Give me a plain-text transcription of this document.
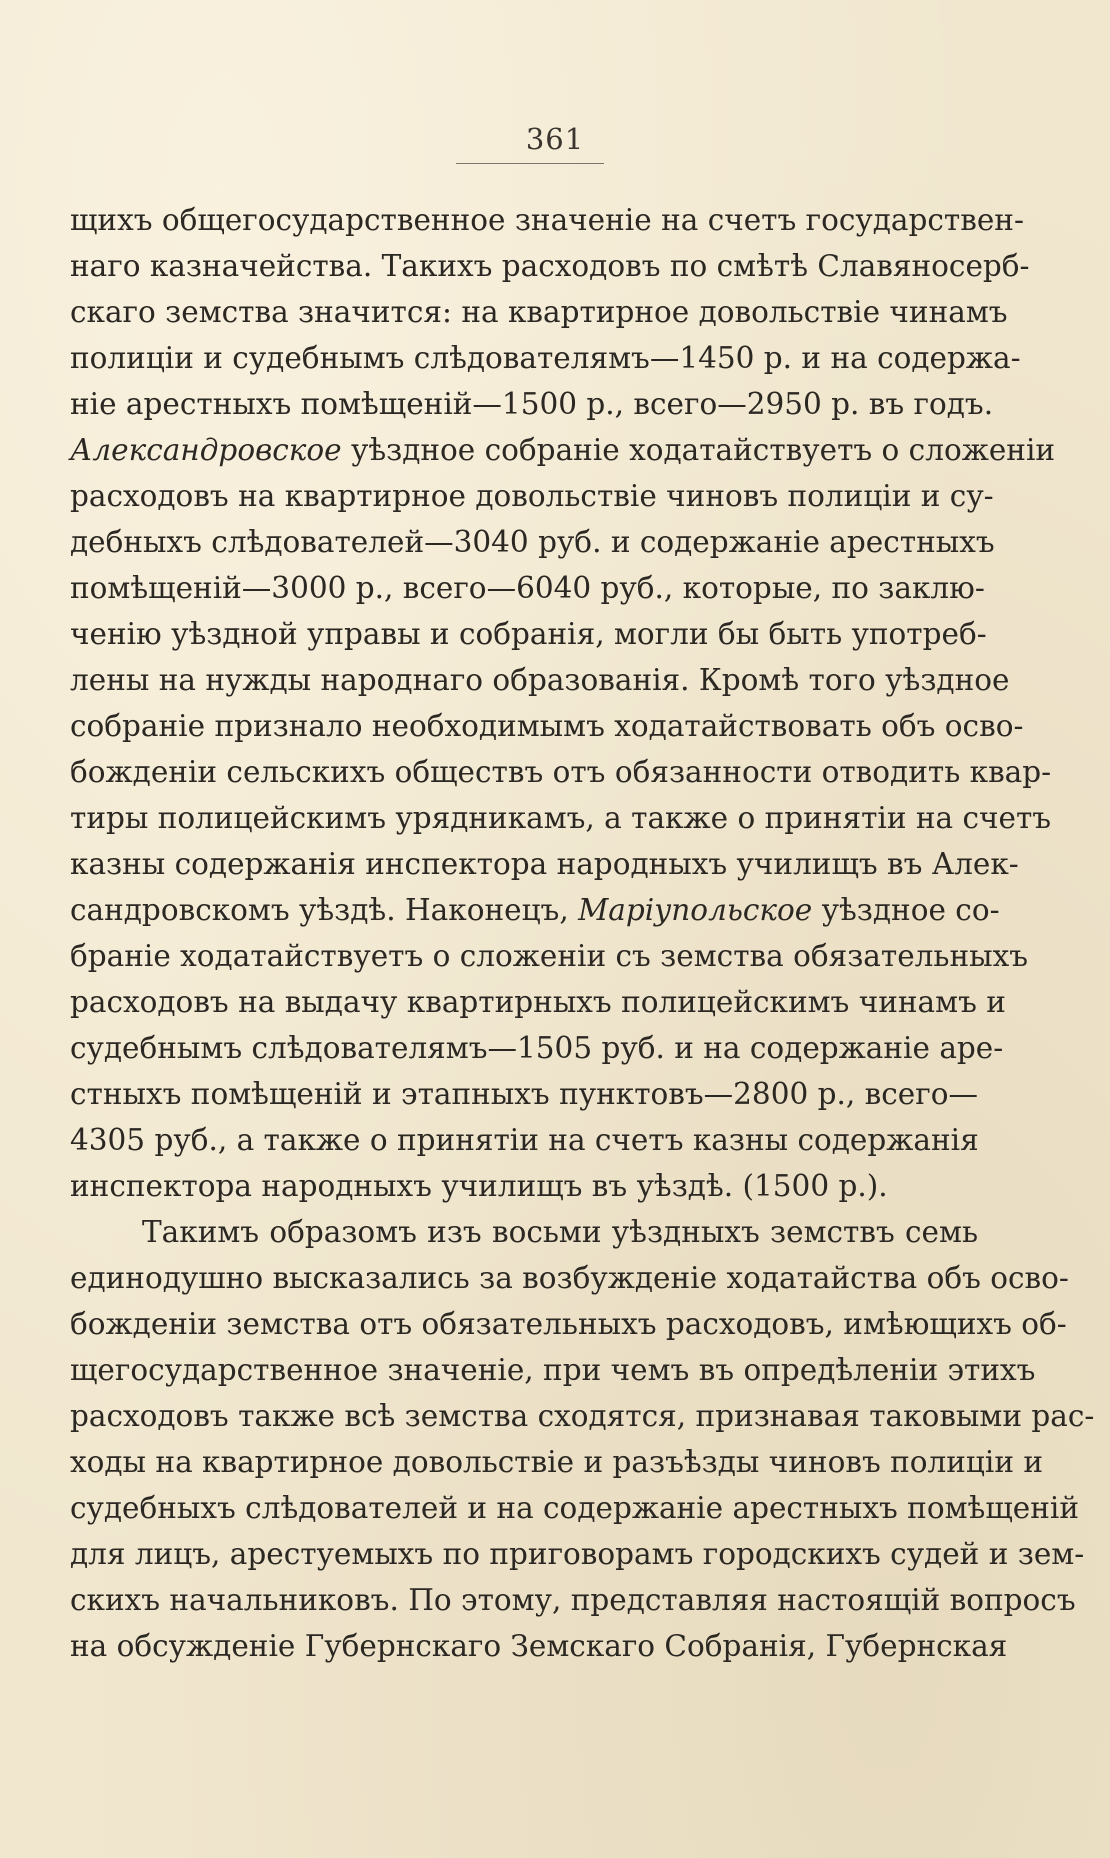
361
щихъ общегосударственное значеніе на счетъ государствен-
наго казначейства. Такихъ расходовъ по смѣтѣ Славяносерб-
скаго земства значится: на квартирное довольствіе чинамъ
полиціи и судебнымъ слѣдователямъ—1450 р. и на содержа-
ніе арестныхъ помѣщеній—1500 р., всего—2950 р. въ годъ.
Александровское уѣздное собраніе ходатайствуетъ о сложеніи
расходовъ на квартирное довольствіе чиновъ полиціи и су-
дебныхъ слѣдователей—3040 руб. и содержаніе арестныхъ
помѣщеній—3000 р., всего—6040 руб., которые, по заклю-
ченію уѣздной управы и собранія, могли бы быть употреб-
лены на нужды народнаго образованія. Кромѣ того уѣздное
собраніе признало необходимымъ ходатайствовать объ осво-
божденіи сельскихъ обществъ отъ обязанности отводить квар-
тиры полицейскимъ урядникамъ, а также о принятіи на счетъ
казны содержанія инспектора народныхъ училищъ въ Алек-
сандровскомъ уѣздѣ. Наконецъ, Маріупольское уѣздное со-
браніе ходатайствуетъ о сложеніи съ земства обязательныхъ
расходовъ на выдачу квартирныхъ полицейскимъ чинамъ и
судебнымъ слѣдователямъ—1505 руб. и на содержаніе аре-
стныхъ помѣщеній и этапныхъ пунктовъ—2800 р., всего—
4305 руб., а также о принятіи на счетъ казны содержанія
инспектора народныхъ училищъ въ уѣздѣ. (1500 р.).
Такимъ образомъ изъ восьми уѣздныхъ земствъ семь
единодушно высказались за возбужденіе ходатайства объ осво-
божденіи земства отъ обязательныхъ расходовъ, имѣющихъ об-
щегосударственное значеніе, при чемъ въ опредѣленіи этихъ
расходовъ также всѣ земства сходятся, признавая таковыми рас-
ходы на квартирное довольствіе и разъѣзды чиновъ полиціи и
судебныхъ слѣдователей и на содержаніе арестныхъ помѣщеній
для лицъ, арестуемыхъ по приговорамъ городскихъ судей и зем-
скихъ начальниковъ. По этому, представляя настоящій вопросъ
на обсужденіе Губернскаго Земскаго Собранія, Губернская
